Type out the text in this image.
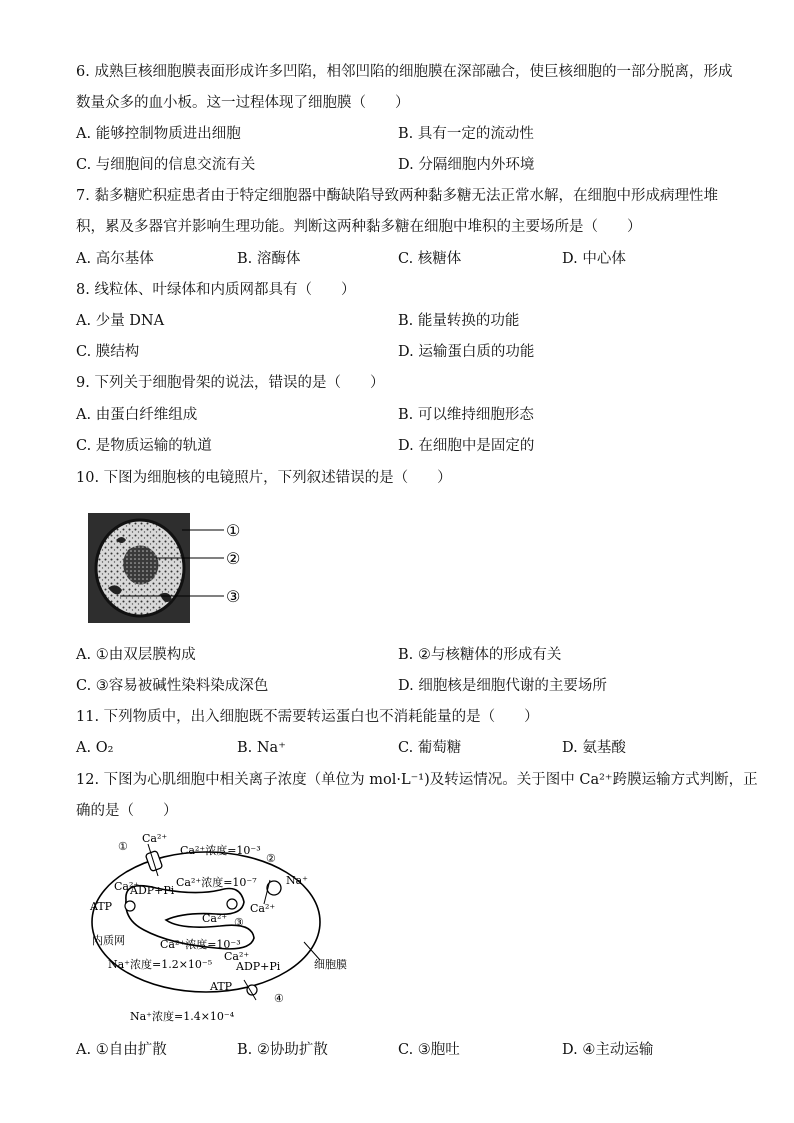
6. 成熟巨核细胞膜表面形成许多凹陷，相邻凹陷的细胞膜在深部融合，使巨核细胞的一部分脱离，形成
数量众多的血小板。这一过程体现了细胞膜（　　）
A. 能够控制物质进出细胞	B. 具有一定的流动性
C. 与细胞间的信息交流有关	D. 分隔细胞内外环境
7. 黏多糖贮积症患者由于特定细胞器中酶缺陷导致两种黏多糖无法正常水解，在细胞中形成病理性堆
积，累及多器官并影响生理功能。判断这两种黏多糖在细胞中堆积的主要场所是（　　）
A. 高尔基体	B. 溶酶体	C. 核糖体	D. 中心体
8. 线粒体、叶绿体和内质网都具有（　　）
A. 少量 DNA	B. 能量转换的功能
C. 膜结构	D. 运输蛋白质的功能
9. 下列关于细胞骨架的说法，错误的是（　　）
A. 由蛋白纤维组成	B. 可以维持细胞形态
C. 是物质运输的轨道	D. 在细胞中是固定的
10. 下图为细胞核的电镜照片，下列叙述错误的是（　　）
①
②
③
A. ①由双层膜构成	B. ②与核糖体的形成有关
C. ③容易被碱性染料染成深色	D. 细胞核是细胞代谢的主要场所
11. 下列物质中，出入细胞既不需要转运蛋白也不消耗能量的是（　　）
A. O₂	B. Na⁺	C. 葡萄糖	D. 氨基酸
12. 下图为心肌细胞中相关离子浓度（单位为 mol·L⁻¹)及转运情况。关于图中 Ca²⁺跨膜运输方式判断，正
确的是（　　）
①
Ca²⁺
Ca²⁺浓度=10⁻³
②
Na⁺
Ca²⁺
Ca²⁺浓度=10⁻⁷
Ca²⁺
ADP+Pi
ATP
Ca²⁺ ③
内质网	Ca²⁺浓度=10⁻³
Ca²⁺
ADP+Pi
Na⁺浓度=1.2×10⁻⁵	细胞膜
ATP
④
Na⁺浓度=1.4×10⁻⁴
A. ①自由扩散	B. ②协助扩散	C. ③胞吐	D. ④主动运输
